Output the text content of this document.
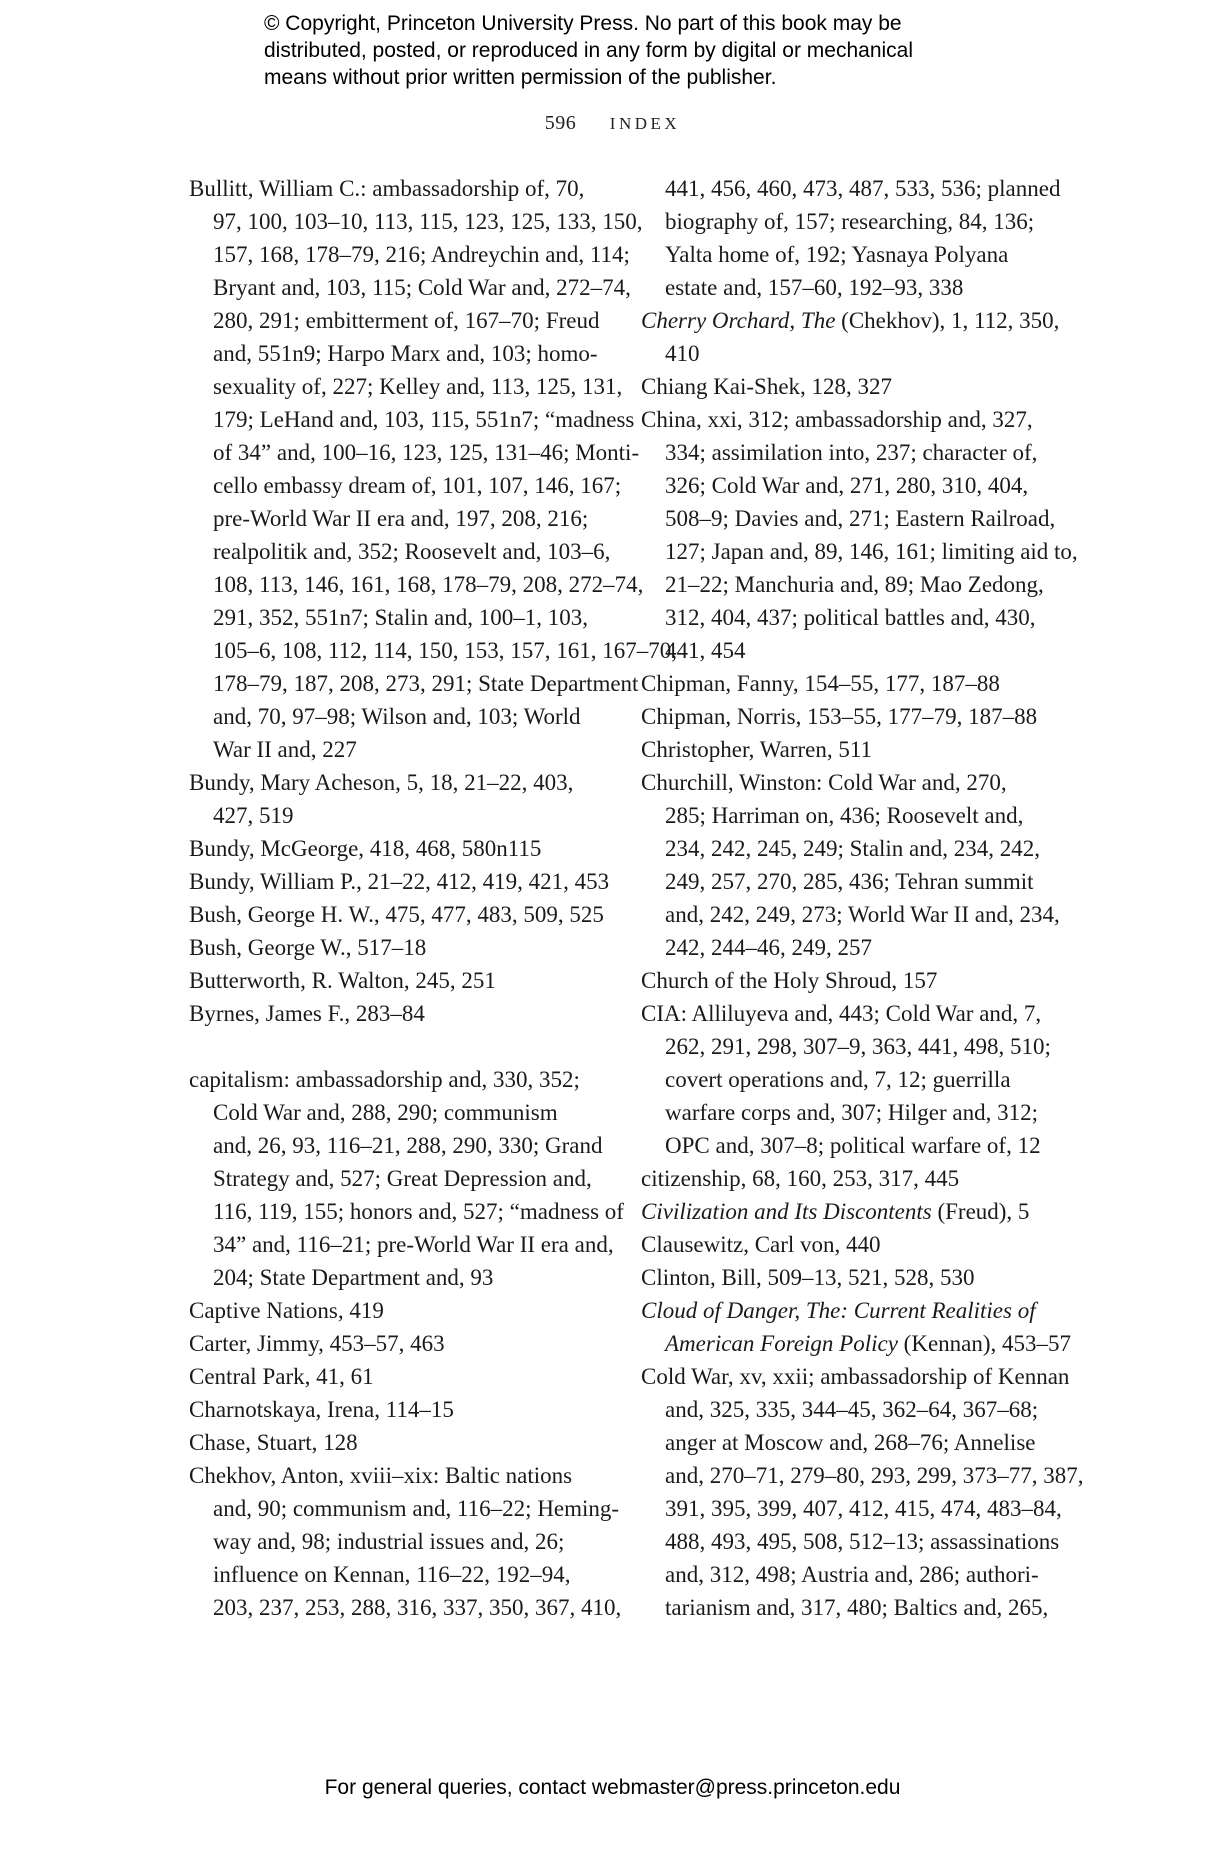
© Copyright, Princeton University Press. No part of this book may be
distributed, posted, or reproduced in any form by digital or mechanical
means without prior written permission of the publisher.
596 INDEX
Bullitt, William C.: ambassadorship of, 70,
97, 100, 103–10, 113, 115, 123, 125, 133, 150,
157, 168, 178–79, 216; Andreychin and, 114;
Bryant and, 103, 115; Cold War and, 272–74,
280, 291; embitterment of, 167–70; Freud
and, 551n9; Harpo Marx and, 103; homo-
sexuality of, 227; Kelley and, 113, 125, 131,
179; LeHand and, 103, 115, 551n7; “madness
of 34” and, 100–16, 123, 125, 131–46; Monti-
cello embassy dream of, 101, 107, 146, 167;
pre-World War II era and, 197, 208, 216;
realpolitik and, 352; Roosevelt and, 103–6,
108, 113, 146, 161, 168, 178–79, 208, 272–74,
291, 352, 551n7; Stalin and, 100–1, 103,
105–6, 108, 112, 114, 150, 153, 157, 161, 167–70,
178–79, 187, 208, 273, 291; State Department
and, 70, 97–98; Wilson and, 103; World
War II and, 227
Bundy, Mary Acheson, 5, 18, 21–22, 403,
427, 519
Bundy, McGeorge, 418, 468, 580n115
Bundy, William P., 21–22, 412, 419, 421, 453
Bush, George H. W., 475, 477, 483, 509, 525
Bush, George W., 517–18
Butterworth, R. Walton, 245, 251
Byrnes, James F., 283–84
capitalism: ambassadorship and, 330, 352;
Cold War and, 288, 290; communism
and, 26, 93, 116–21, 288, 290, 330; Grand
Strategy and, 527; Great Depression and,
116, 119, 155; honors and, 527; “madness of
34” and, 116–21; pre-World War II era and,
204; State Department and, 93
Captive Nations, 419
Carter, Jimmy, 453–57, 463
Central Park, 41, 61
Charnotskaya, Irena, 114–15
Chase, Stuart, 128
Chekhov, Anton, xviii–xix: Baltic nations
and, 90; communism and, 116–22; Heming-
way and, 98; industrial issues and, 26;
influence on Kennan, 116–22, 192–94,
203, 237, 253, 288, 316, 337, 350, 367, 410,
441, 456, 460, 473, 487, 533, 536; planned
biography of, 157; researching, 84, 136;
Yalta home of, 192; Yasnaya Polyana
estate and, 157–60, 192–93, 338
Cherry Orchard, The (Chekhov), 1, 112, 350,
410
Chiang Kai-Shek, 128, 327
China, xxi, 312; ambassadorship and, 327,
334; assimilation into, 237; character of,
326; Cold War and, 271, 280, 310, 404,
508–9; Davies and, 271; Eastern Railroad,
127; Japan and, 89, 146, 161; limiting aid to,
21–22; Manchuria and, 89; Mao Zedong,
312, 404, 437; political battles and, 430,
441, 454
Chipman, Fanny, 154–55, 177, 187–88
Chipman, Norris, 153–55, 177–79, 187–88
Christopher, Warren, 511
Churchill, Winston: Cold War and, 270,
285; Harriman on, 436; Roosevelt and,
234, 242, 245, 249; Stalin and, 234, 242,
249, 257, 270, 285, 436; Tehran summit
and, 242, 249, 273; World War II and, 234,
242, 244–46, 249, 257
Church of the Holy Shroud, 157
CIA: Alliluyeva and, 443; Cold War and, 7,
262, 291, 298, 307–9, 363, 441, 498, 510;
covert operations and, 7, 12; guerrilla
warfare corps and, 307; Hilger and, 312;
OPC and, 307–8; political warfare of, 12
citizenship, 68, 160, 253, 317, 445
Civilization and Its Discontents (Freud), 5
Clausewitz, Carl von, 440
Clinton, Bill, 509–13, 521, 528, 530
Cloud of Danger, The: Current Realities of
American Foreign Policy (Kennan), 453–57
Cold War, xv, xxii; ambassadorship of Kennan
and, 325, 335, 344–45, 362–64, 367–68;
anger at Moscow and, 268–76; Annelise
and, 270–71, 279–80, 293, 299, 373–77, 387,
391, 395, 399, 407, 412, 415, 474, 483–84,
488, 493, 495, 508, 512–13; assassinations
and, 312, 498; Austria and, 286; authori-
tarianism and, 317, 480; Baltics and, 265,
For general queries, contact webmaster@press.princeton.edu
